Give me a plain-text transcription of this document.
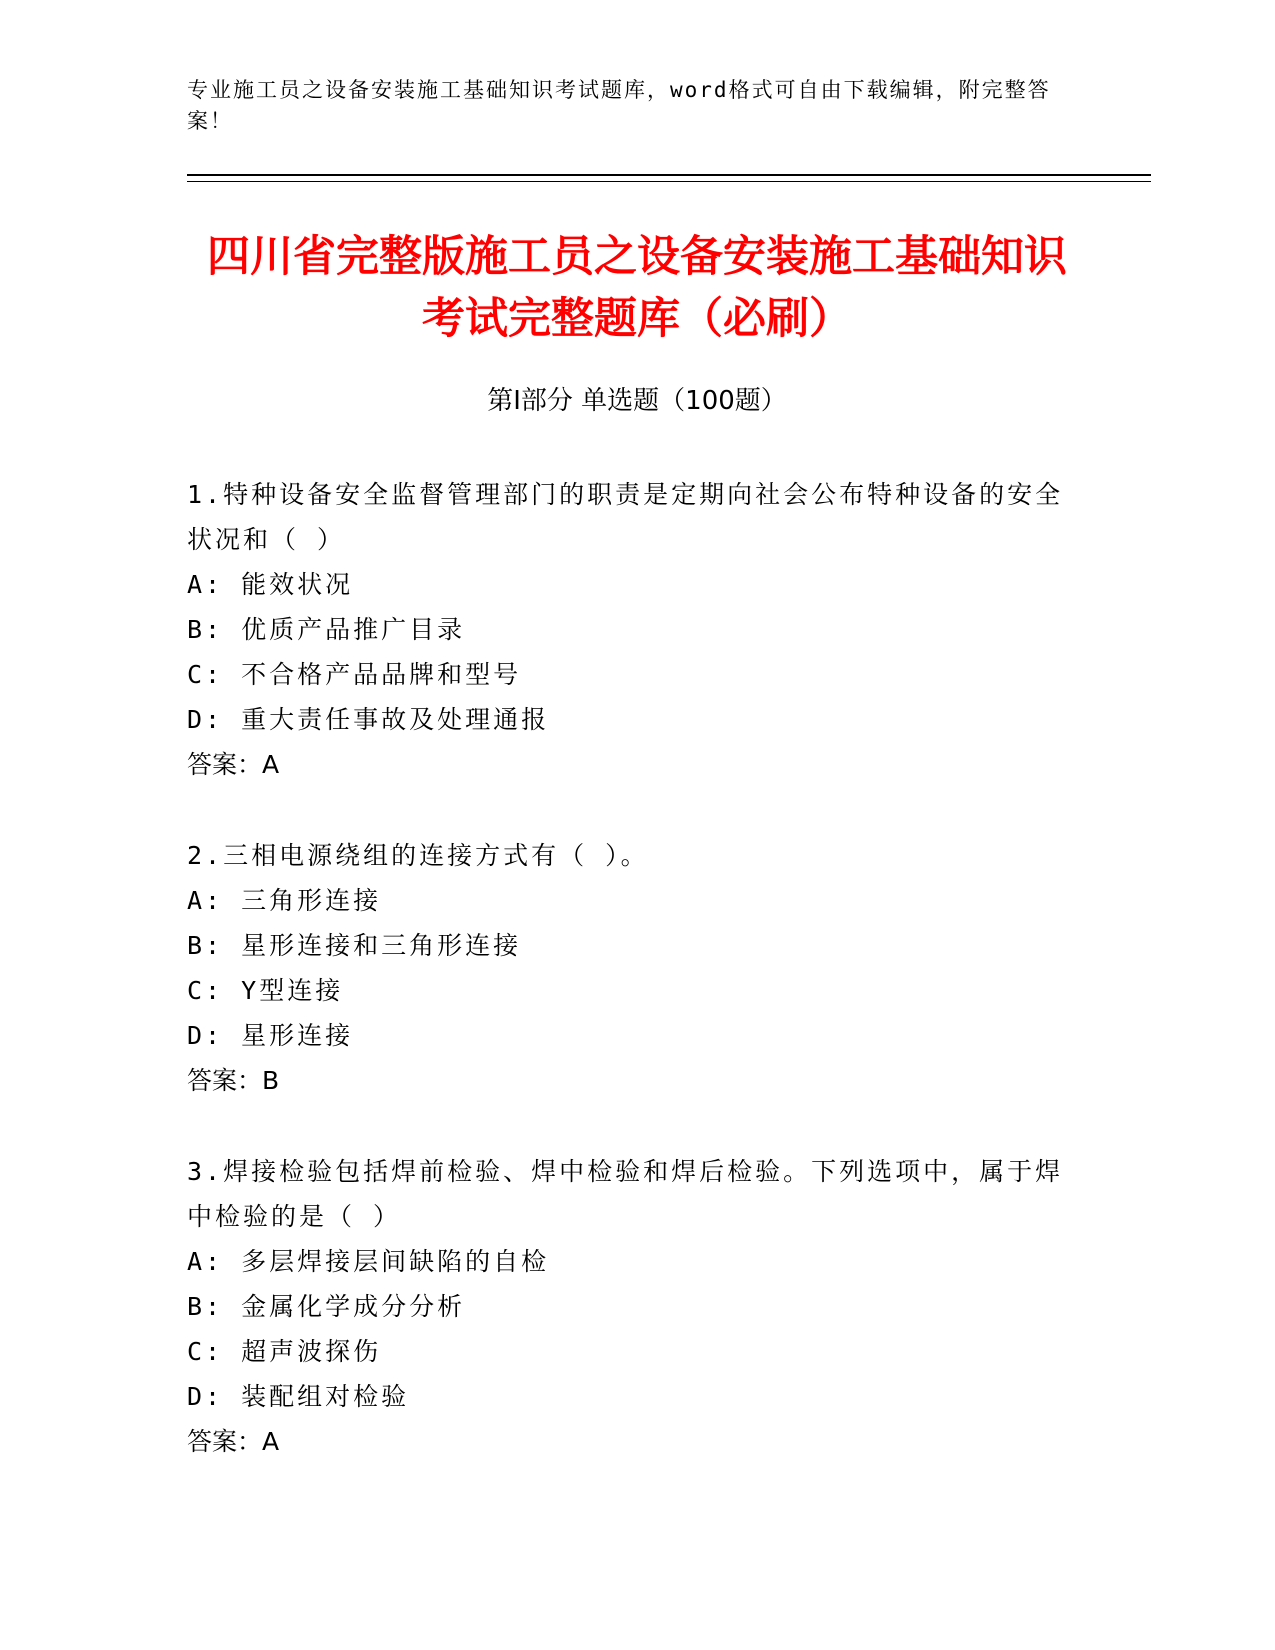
专业施工员之设备安装施工基础知识考试题库，word格式可自由下载编辑，附完整答案！
四川省完整版施工员之设备安装施工基础知识考试完整题库（必刷）
第I部分 单选题（100题）
1.特种设备安全监督管理部门的职责是定期向社会公布特种设备的安全状况和（ ）
A: 能效状况
B: 优质产品推广目录
C: 不合格产品品牌和型号
D: 重大责任事故及处理通报
答案：A
2.三相电源绕组的连接方式有（ ）。
A: 三角形连接
B: 星形连接和三角形连接
C: Y型连接
D: 星形连接
答案：B
3.焊接检验包括焊前检验、焊中检验和焊后检验。下列选项中，属于焊中检验的是（ ）
A: 多层焊接层间缺陷的自检
B: 金属化学成分分析
C: 超声波探伤
D: 装配组对检验
答案：A
